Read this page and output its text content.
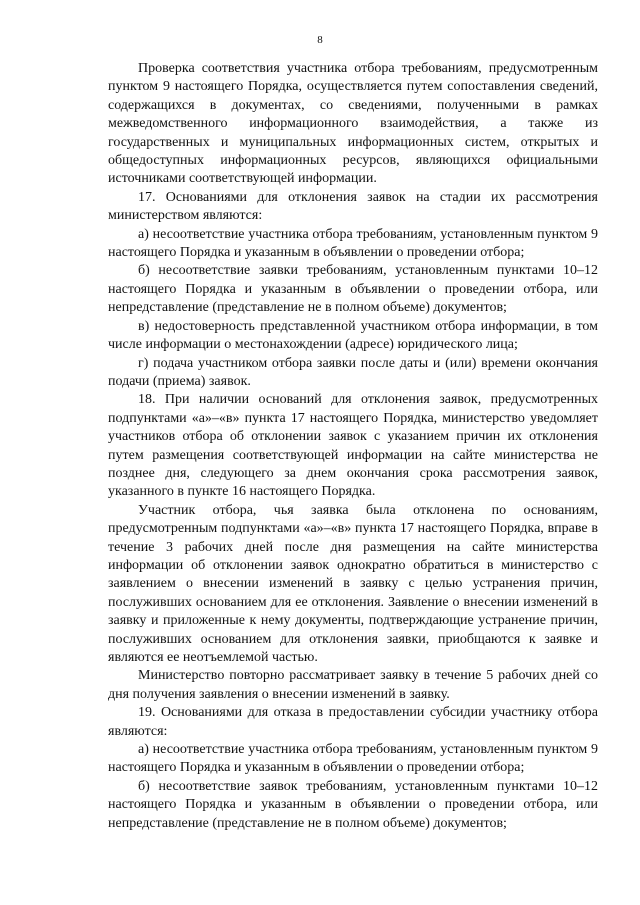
8

Проверка соответствия участника отбора требованиям, предусмотренным пунктом 9 настоящего Порядка, осуществляется путем сопоставления сведений, содержащихся в документах, со сведениями, полученными в рамках межведомственного информационного взаимодействия, а также из государственных и муниципальных информационных систем, открытых и общедоступных информационных ресурсов, являющихся официальными источниками соответствующей информации.

17. Основаниями для отклонения заявок на стадии их рассмотрения министерством являются:

а) несоответствие участника отбора требованиям, установленным пунктом 9 настоящего Порядка и указанным в объявлении о проведении отбора;

б) несоответствие заявки требованиям, установленным пунктами 10–12 настоящего Порядка и указанным в объявлении о проведении отбора, или непредставление (представление не в полном объеме) документов;

в) недостоверность представленной участником отбора информации, в том числе информации о местонахождении (адресе) юридического лица;

г) подача участником отбора заявки после даты и (или) времени окончания подачи (приема) заявок.

18. При наличии оснований для отклонения заявок, предусмотренных подпунктами «а»–«в» пункта 17 настоящего Порядка, министерство уведомляет участников отбора об отклонении заявок с указанием причин их отклонения путем размещения соответствующей информации на сайте министерства не позднее дня, следующего за днем окончания срока рассмотрения заявок, указанного в пункте 16 настоящего Порядка.

Участник отбора, чья заявка была отклонена по основаниям, предусмотренным подпунктами «а»–«в» пункта 17 настоящего Порядка, вправе в течение 3 рабочих дней после дня размещения на сайте министерства информации об отклонении заявок однократно обратиться в министерство с заявлением о внесении изменений в заявку с целью устранения причин, послуживших основанием для ее отклонения. Заявление о внесении изменений в заявку и приложенные к нему документы, подтверждающие устранение причин, послуживших основанием для отклонения заявки, приобщаются к заявке и являются ее неотъемлемой частью.

Министерство повторно рассматривает заявку в течение 5 рабочих дней со дня получения заявления о внесении изменений в заявку.

19. Основаниями для отказа в предоставлении субсидии участнику отбора являются:

а) несоответствие участника отбора требованиям, установленным пунктом 9 настоящего Порядка и указанным в объявлении о проведении отбора;

б) несоответствие заявок требованиям, установленным пунктами 10–12 настоящего Порядка и указанным в объявлении о проведении отбора, или непредставление (представление не в полном объеме) документов;
